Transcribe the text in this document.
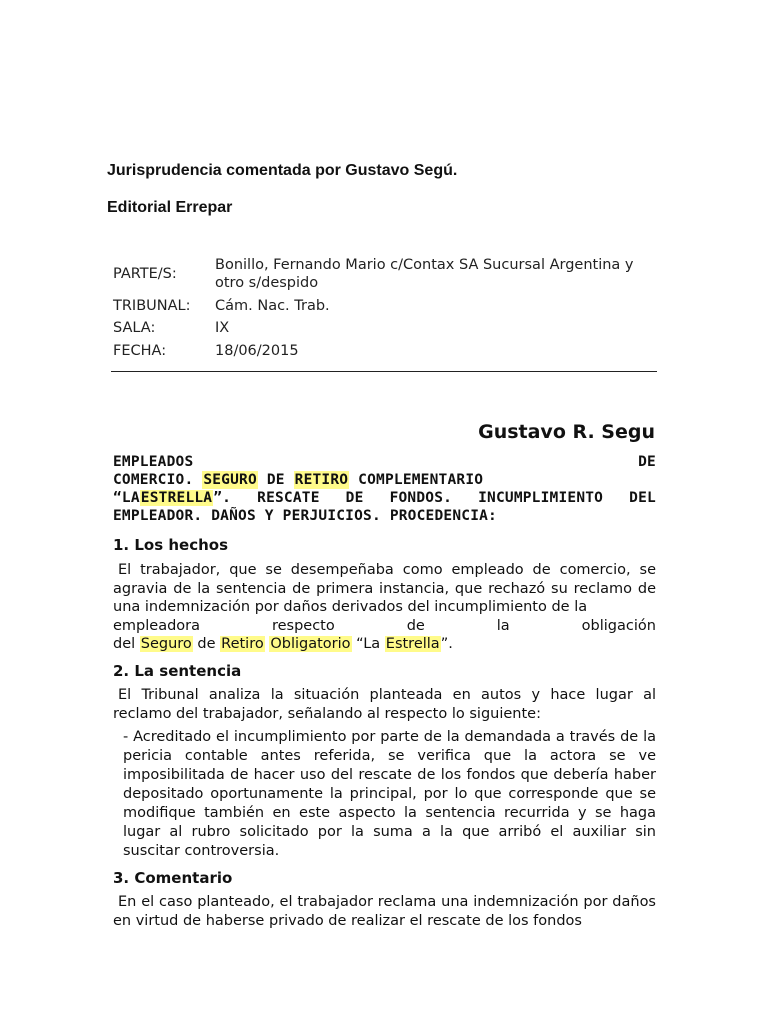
Jurisprudencia comentada por Gustavo Segú.
Editorial Errepar
PARTE/S:
Bonillo, Fernando Mario c/Contax SA Sucursal Argentina y otro s/despido
TRIBUNAL: Cám. Nac. Trab.
SALA:	IX
FECHA:	18/06/2015
Gustavo R. Segu
EMPLEADOS	DE
COMERCIO. SEGURO DE RETIRO COMPLEMENTARIO
“LAESTRELLA”. RESCATE DE FONDOS. INCUMPLIMIENTO DEL
EMPLEADOR. DAÑOS Y PERJUICIOS. PROCEDENCIA:
1. Los hechos
El trabajador, que se desempeñaba como empleado de comercio, se agravia de la sentencia de primera instancia, que rechazó su reclamo de una indemnización por daños derivados del incumplimiento de la
empleadora	respecto	de	la	obligación
del Seguro de Retiro Obligatorio “La Estrella”.
2. La sentencia
El Tribunal analiza la situación planteada en autos y hace lugar al reclamo del trabajador, señalando al respecto lo siguiente:
- Acreditado el incumplimiento por parte de la demandada a través de la pericia contable antes referida, se verifica que la actora se ve imposibilitada de hacer uso del rescate de los fondos que debería haber depositado oportunamente la principal, por lo que corresponde que se modifique también en este aspecto la sentencia recurrida y se haga lugar al rubro solicitado por la suma a la que arribó el auxiliar sin suscitar controversia.
3. Comentario
En el caso planteado, el trabajador reclama una indemnización por daños en virtud de haberse privado de realizar el rescate de los fondos
